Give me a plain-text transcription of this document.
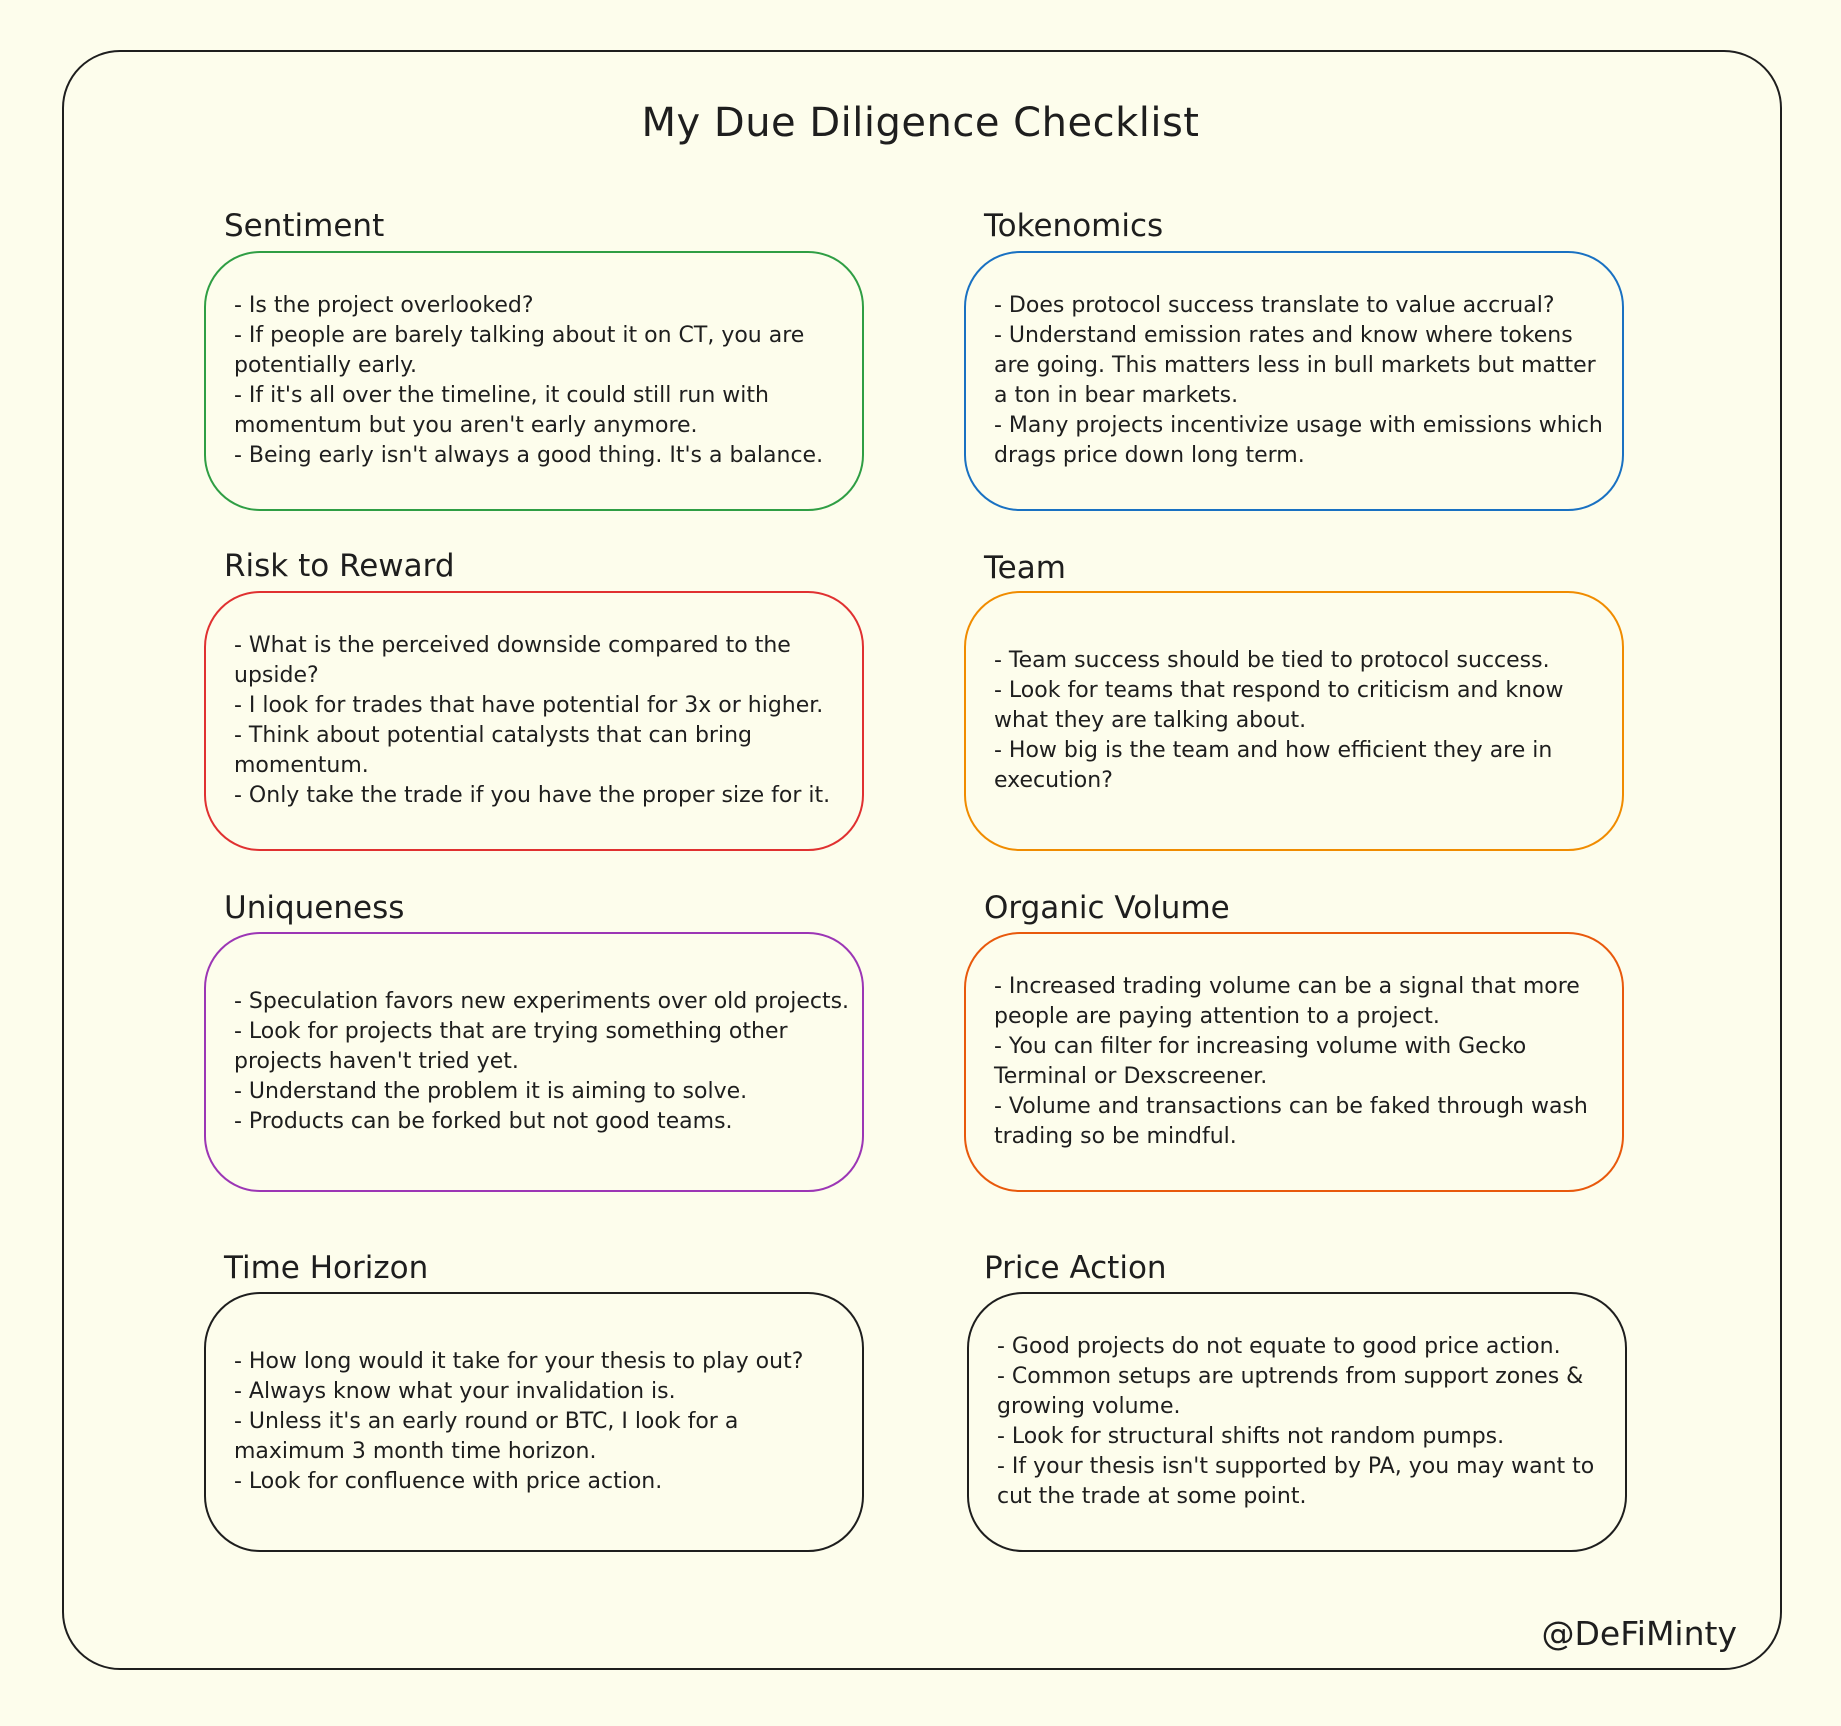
My Due Diligence Checklist
Sentiment
- Is the project overlooked?
- If people are barely talking about it on CT, you are potentially early.
- If it's all over the timeline, it could still run with momentum but you aren't early anymore.
- Being early isn't always a good thing. It's a balance.
Tokenomics
- Does protocol success translate to value accrual?
- Understand emission rates and know where tokens are going. This matters less in bull markets but matter a ton in bear markets.
- Many projects incentivize usage with emissions which drags price down long term.
Risk to Reward
- What is the perceived downside compared to the upside?
- I look for trades that have potential for 3x or higher.
- Think about potential catalysts that can bring momentum.
- Only take the trade if you have the proper size for it.
Team
- Team success should be tied to protocol success.
- Look for teams that respond to criticism and know what they are talking about.
- How big is the team and how efficient they are in execution?
Uniqueness
- Speculation favors new experiments over old projects.
- Look for projects that are trying something other projects haven't tried yet.
- Understand the problem it is aiming to solve.
- Products can be forked but not good teams.
Organic Volume
- Increased trading volume can be a signal that more people are paying attention to a project.
- You can filter for increasing volume with Gecko Terminal or Dexscreener.
- Volume and transactions can be faked through wash trading so be mindful.
Time Horizon
- How long would it take for your thesis to play out?
- Always know what your invalidation is.
- Unless it's an early round or BTC, I look for a maximum 3 month time horizon.
- Look for confluence with price action.
Price Action
- Good projects do not equate to good price action.
- Common setups are uptrends from support zones & growing volume.
- Look for structural shifts not random pumps.
- If your thesis isn't supported by PA, you may want to cut the trade at some point.

@DeFiMinty
